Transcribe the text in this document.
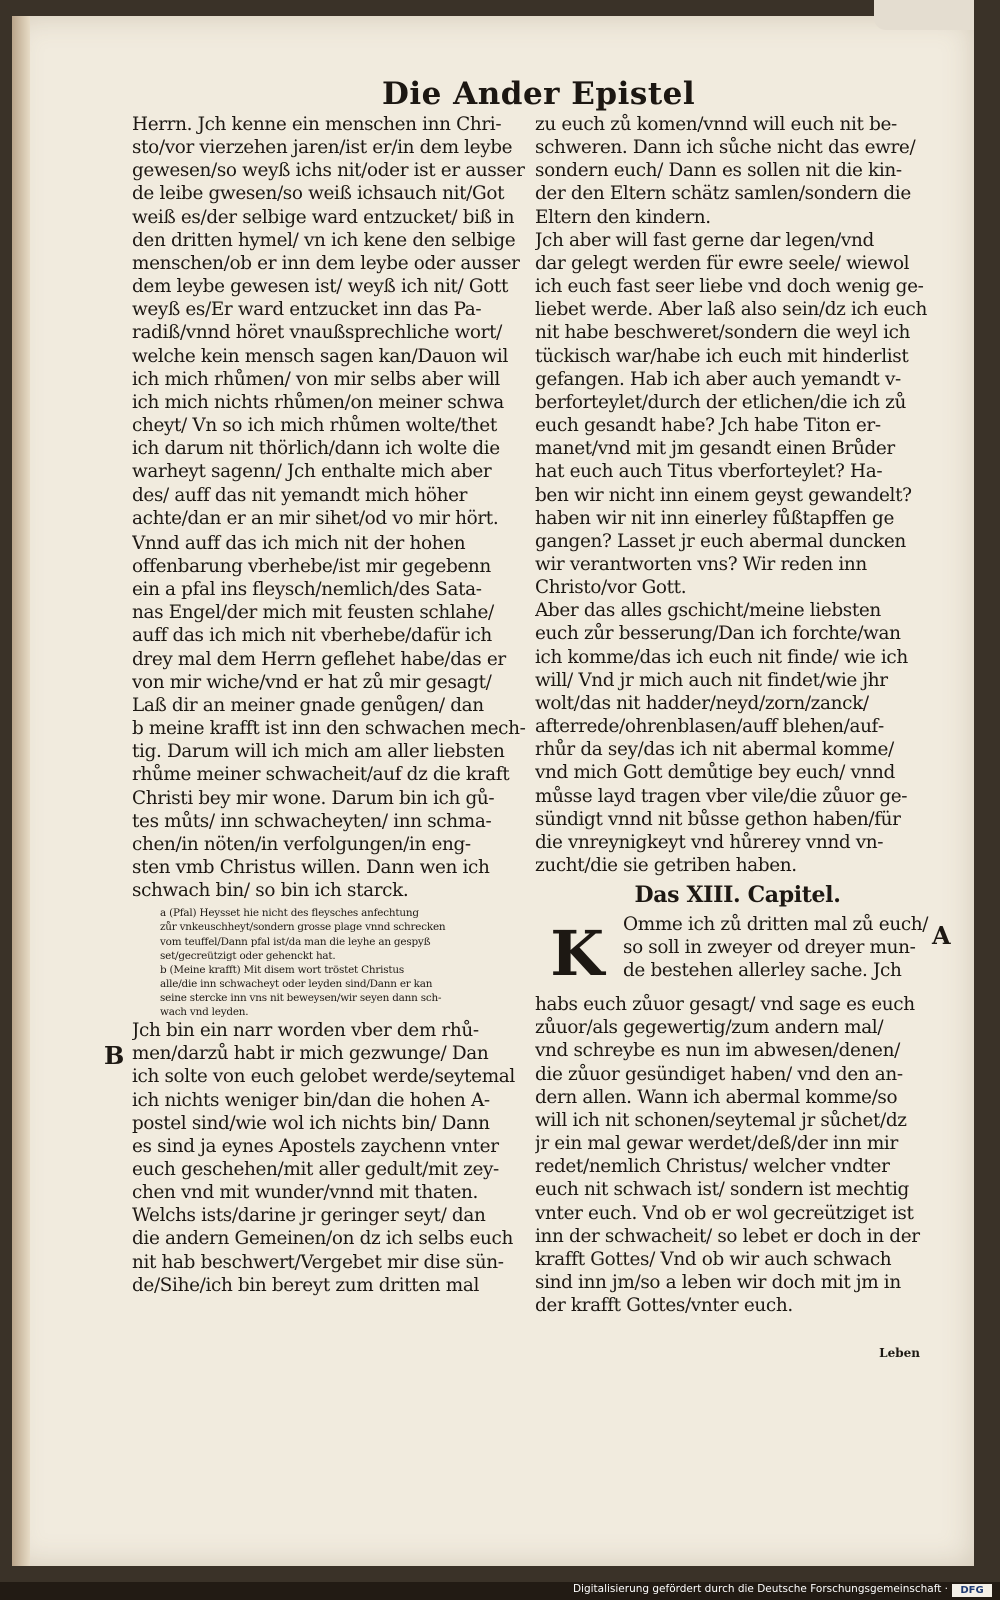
Die Ander Epistel
Herrn. Jch kenne ein menschen inn Chri‐
sto/vor vierzehen jaren/ist er/in dem leybe
gewesen/so weyß ichs nit/oder ist er ausser
de leibe gwesen/so weiß ichsauch nit/Got
weiß es/der selbige ward entzucket/ biß in
den dritten hymel/ vn ich kene den selbige
menschen/ob er inn dem leybe oder ausser
dem leybe gewesen ist/ weyß ich nit/ Gott
weyß es/Er ward entzucket inn das Pa‐
radiß/vnnd höret vnaußsprechliche wort/
welche kein mensch sagen kan/Dauon wil
ich mich rhůmen/ von mir selbs aber will
ich mich nichts rhůmen/on meiner schwa
cheyt/ Vn so ich mich rhůmen wolte/thet
ich darum nit thörlich/dann ich wolte die
warheyt sagenn/ Jch enthalte mich aber
des/ auff das nit yemandt mich höher
achte/dan er an mir sihet/od vo mir hört.
Vnnd auff das ich mich nit der hohen
offenbarung vberhebe/ist mir gegebenn
ein a pfal ins fleysch/nemlich/des Sata‐
nas Engel/der mich mit feusten schlahe/
auff das ich mich nit vberhebe/dafür ich
drey mal dem Herrn geflehet habe/das er
von mir wiche/vnd er hat zů mir gesagt/
Laß dir an meiner gnade genůgen/ dan
b meine krafft ist inn den schwachen mech‐
tig. Darum will ich mich am aller liebsten
rhůme meiner schwacheit/auf dz die kraft
Christi bey mir wone. Darum bin ich gů‐
tes můts/ inn schwacheyten/ inn schma‐
chen/in nöten/in verfolgungen/in eng‐
sten vmb Christus willen. Dann wen ich
schwach bin/ so bin ich starck.
a (Pfal) Heysset hie nicht des fleysches anfechtung
zůr vnkeuschheyt/sondern grosse plage vnnd schrecken
vom teuffel/Dann pfal ist/da man die leyhe an gespyß
set/gecreützigt oder gehenckt hat.
b (Meine krafft) Mit disem wort tröstet Christus
alle/die inn schwacheyt oder leyden sind/Dann er kan
seine stercke inn vns nit beweysen/wir seyen dann sch‐
wach vnd leyden.
Jch bin ein narr worden vber dem rhů‐
men/darzů habt ir mich gezwunge/ Dan
ich solte von euch gelobet werde/seytemal
ich nichts weniger bin/dan die hohen A‐
postel sind/wie wol ich nichts bin/ Dann
es sind ja eynes Apostels zaychenn vnter
euch geschehen/mit aller gedult/mit zey‐
chen vnd mit wunder/vnnd mit thaten.
Welchs ists/darine jr geringer seyt/ dan
die andern Gemeinen/on dz ich selbs euch
nit hab beschwert/Vergebet mir dise sün‐
de/Sihe/ich bin bereyt zum dritten mal
B
zu euch zů komen/vnnd will euch nit be‐
schweren. Dann ich sůche nicht das ewre/
sondern euch/ Dann es sollen nit die kin‐
der den Eltern schätz samlen/sondern die
Eltern den kindern.
Jch aber will fast gerne dar legen/vnd
dar gelegt werden für ewre seele/ wiewol
ich euch fast seer liebe vnd doch wenig ge‐
liebet werde. Aber laß also sein/dz ich euch
nit habe beschweret/sondern die weyl ich
tückisch war/habe ich euch mit hinderlist
gefangen. Hab ich aber auch yemandt v‐
berforteylet/durch der etlichen/die ich zů
euch gesandt habe? Jch habe Titon er‐
manet/vnd mit jm gesandt einen Brůder
hat euch auch Titus vberforteylet? Ha‐
ben wir nicht inn einem geyst gewandelt?
haben wir nit inn einerley fůßtapffen ge
gangen? Lasset jr euch abermal duncken
wir verantworten vns? Wir reden inn
Christo/vor Gott.
Aber das alles gschicht/meine liebsten
euch zůr besserung/Dan ich forchte/wan
ich komme/das ich euch nit finde/ wie ich
will/ Vnd jr mich auch nit findet/wie jhr
wolt/das nit hadder/neyd/zorn/zanck/
afterrede/ohrenblasen/auff blehen/auf‐
rhůr da sey/das ich nit abermal komme/
vnd mich Gott demůtige bey euch/ vnnd
můsse layd tragen vber vile/die zůuor ge‐
sündigt vnnd nit bůsse gethon haben/für
die vnreynigkeyt vnd hůrerey vnnd vn‐
zucht/die sie getriben haben.
Das XIII. Capitel.
K Omme ich zů dritten mal zů euch/
so soll in zweyer od dreyer mun‐
de bestehen allerley sache. Jch
habs euch zůuor gesagt/ vnd sage es euch
zůuor/als gegewertig/zum andern mal/
vnd schreybe es nun im abwesen/denen/
die zůuor gesündiget haben/ vnd den an‐
dern allen. Wann ich abermal komme/so
will ich nit schonen/seytemal jr sůchet/dz
jr ein mal gewar werdet/deß/der inn mir
redet/nemlich Christus/ welcher vndter
euch nit schwach ist/ sondern ist mechtig
vnter euch. Vnd ob er wol gecreütziget ist
inn der schwacheit/ so lebet er doch in der
krafft Gottes/ Vnd ob wir auch schwach
sind inn jm/so a leben wir doch mit jm in
der krafft Gottes/vnter euch.
A
Leben
Digitalisierung gefördert durch die Deutsche Forschungsgemeinschaft ·	DFG
